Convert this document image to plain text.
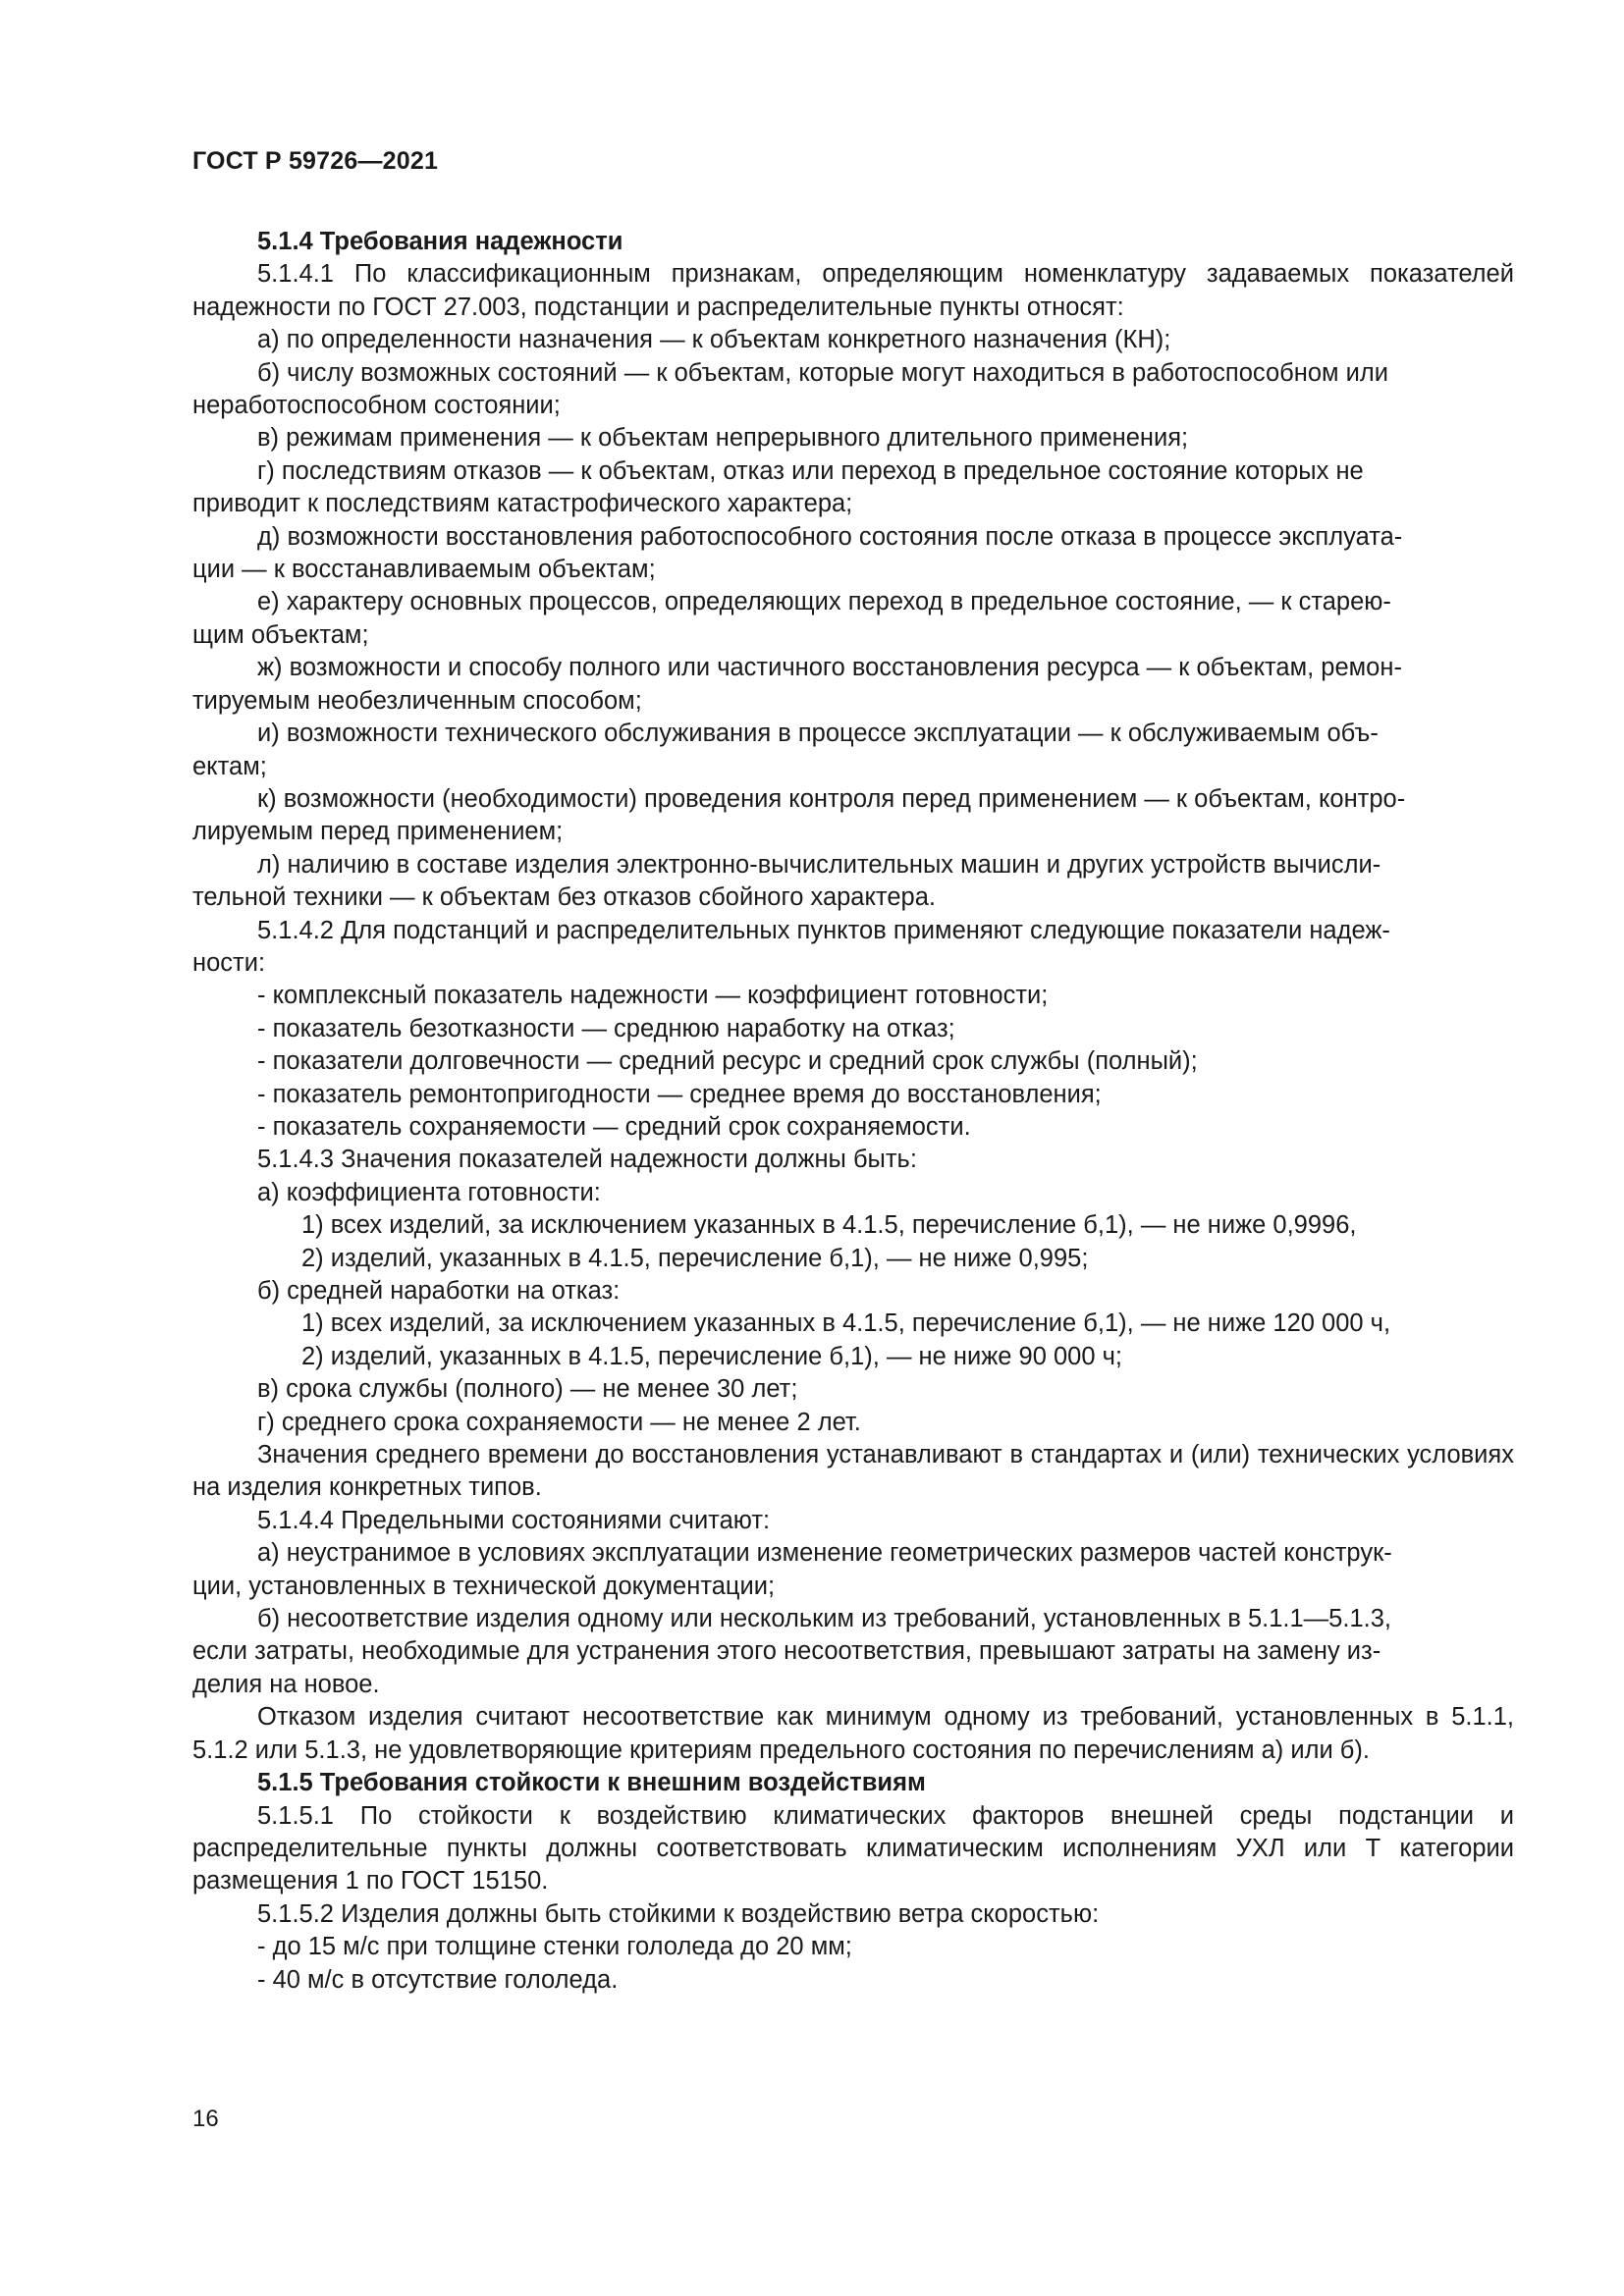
ГОСТ Р 59726—2021

5.1.4 Требования надежности

5.1.4.1 По классификационным признакам, определяющим номенклатуру задаваемых показателей надежности по ГОСТ 27.003, подстанции и распределительные пункты относят:

а) по определенности назначения — к объектам конкретного назначения (КН);

б) числу возможных состояний — к объектам, которые могут находиться в работоспособном или

неработоспособном состоянии;

в) режимам применения — к объектам непрерывного длительного применения;

г) последствиям отказов — к объектам, отказ или переход в предельное состояние которых не

приводит к последствиям катастрофического характера;

д) возможности восстановления работоспособного состояния после отказа в процессе эксплуата-

ции — к восстанавливаемым объектам;

е) характеру основных процессов, определяющих переход в предельное состояние, — к старею-

щим объектам;

ж) возможности и способу полного или частичного восстановления ресурса — к объектам, ремон-

тируемым необезличенным способом;

и) возможности технического обслуживания в процессе эксплуатации — к обслуживаемым объ-

ектам;

к) возможности (необходимости) проведения контроля перед применением — к объектам, контро-

лируемым перед применением;

л) наличию в составе изделия электронно-вычислительных машин и других устройств вычисли-

тельной техники — к объектам без отказов сбойного характера.

5.1.4.2 Для подстанций и распределительных пунктов применяют следующие показатели надеж-

ности:

- комплексный показатель надежности — коэффициент готовности;

- показатель безотказности — среднюю наработку на отказ;

- показатели долговечности — средний ресурс и средний срок службы (полный);

- показатель ремонтопригодности — среднее время до восстановления;

- показатель сохраняемости — средний срок сохраняемости.

5.1.4.3 Значения показателей надежности должны быть:

а) коэффициента готовности:

1) всех изделий, за исключением указанных в 4.1.5, перечисление б,1), — не ниже 0,9996,

2) изделий, указанных в 4.1.5, перечисление б,1), — не ниже 0,995;

б) средней наработки на отказ:

1) всех изделий, за исключением указанных в 4.1.5, перечисление б,1), — не ниже 120 000 ч,

2) изделий, указанных в 4.1.5, перечисление б,1), — не ниже 90 000 ч;

в) срока службы (полного) — не менее 30 лет;

г) среднего срока сохраняемости — не менее 2 лет.

Значения среднего времени до восстановления устанавливают в стандартах и (или) технических условиях на изделия конкретных типов.

5.1.4.4 Предельными состояниями считают:

а) неустранимое в условиях эксплуатации изменение геометрических размеров частей конструк-

ции, установленных в технической документации;

б) несоответствие изделия одному или нескольким из требований, установленных в 5.1.1—5.1.3,

если затраты, необходимые для устранения этого несоответствия, превышают затраты на замену из-

делия на новое.

Отказом изделия считают несоответствие как минимум одному из требований, установленных в 5.1.1, 5.1.2 или 5.1.3, не удовлетворяющие критериям предельного состояния по перечислениям а) или б).

5.1.5 Требования стойкости к внешним воздействиям

5.1.5.1 По стойкости к воздействию климатических факторов внешней среды подстанции и распределительные пункты должны соответствовать климатическим исполнениям УХЛ или Т категории размещения 1 по ГОСТ 15150.

5.1.5.2 Изделия должны быть стойкими к воздействию ветра скоростью:

- до 15 м/с при толщине стенки гололеда до 20 мм;

- 40 м/с в отсутствие гололеда.

16
